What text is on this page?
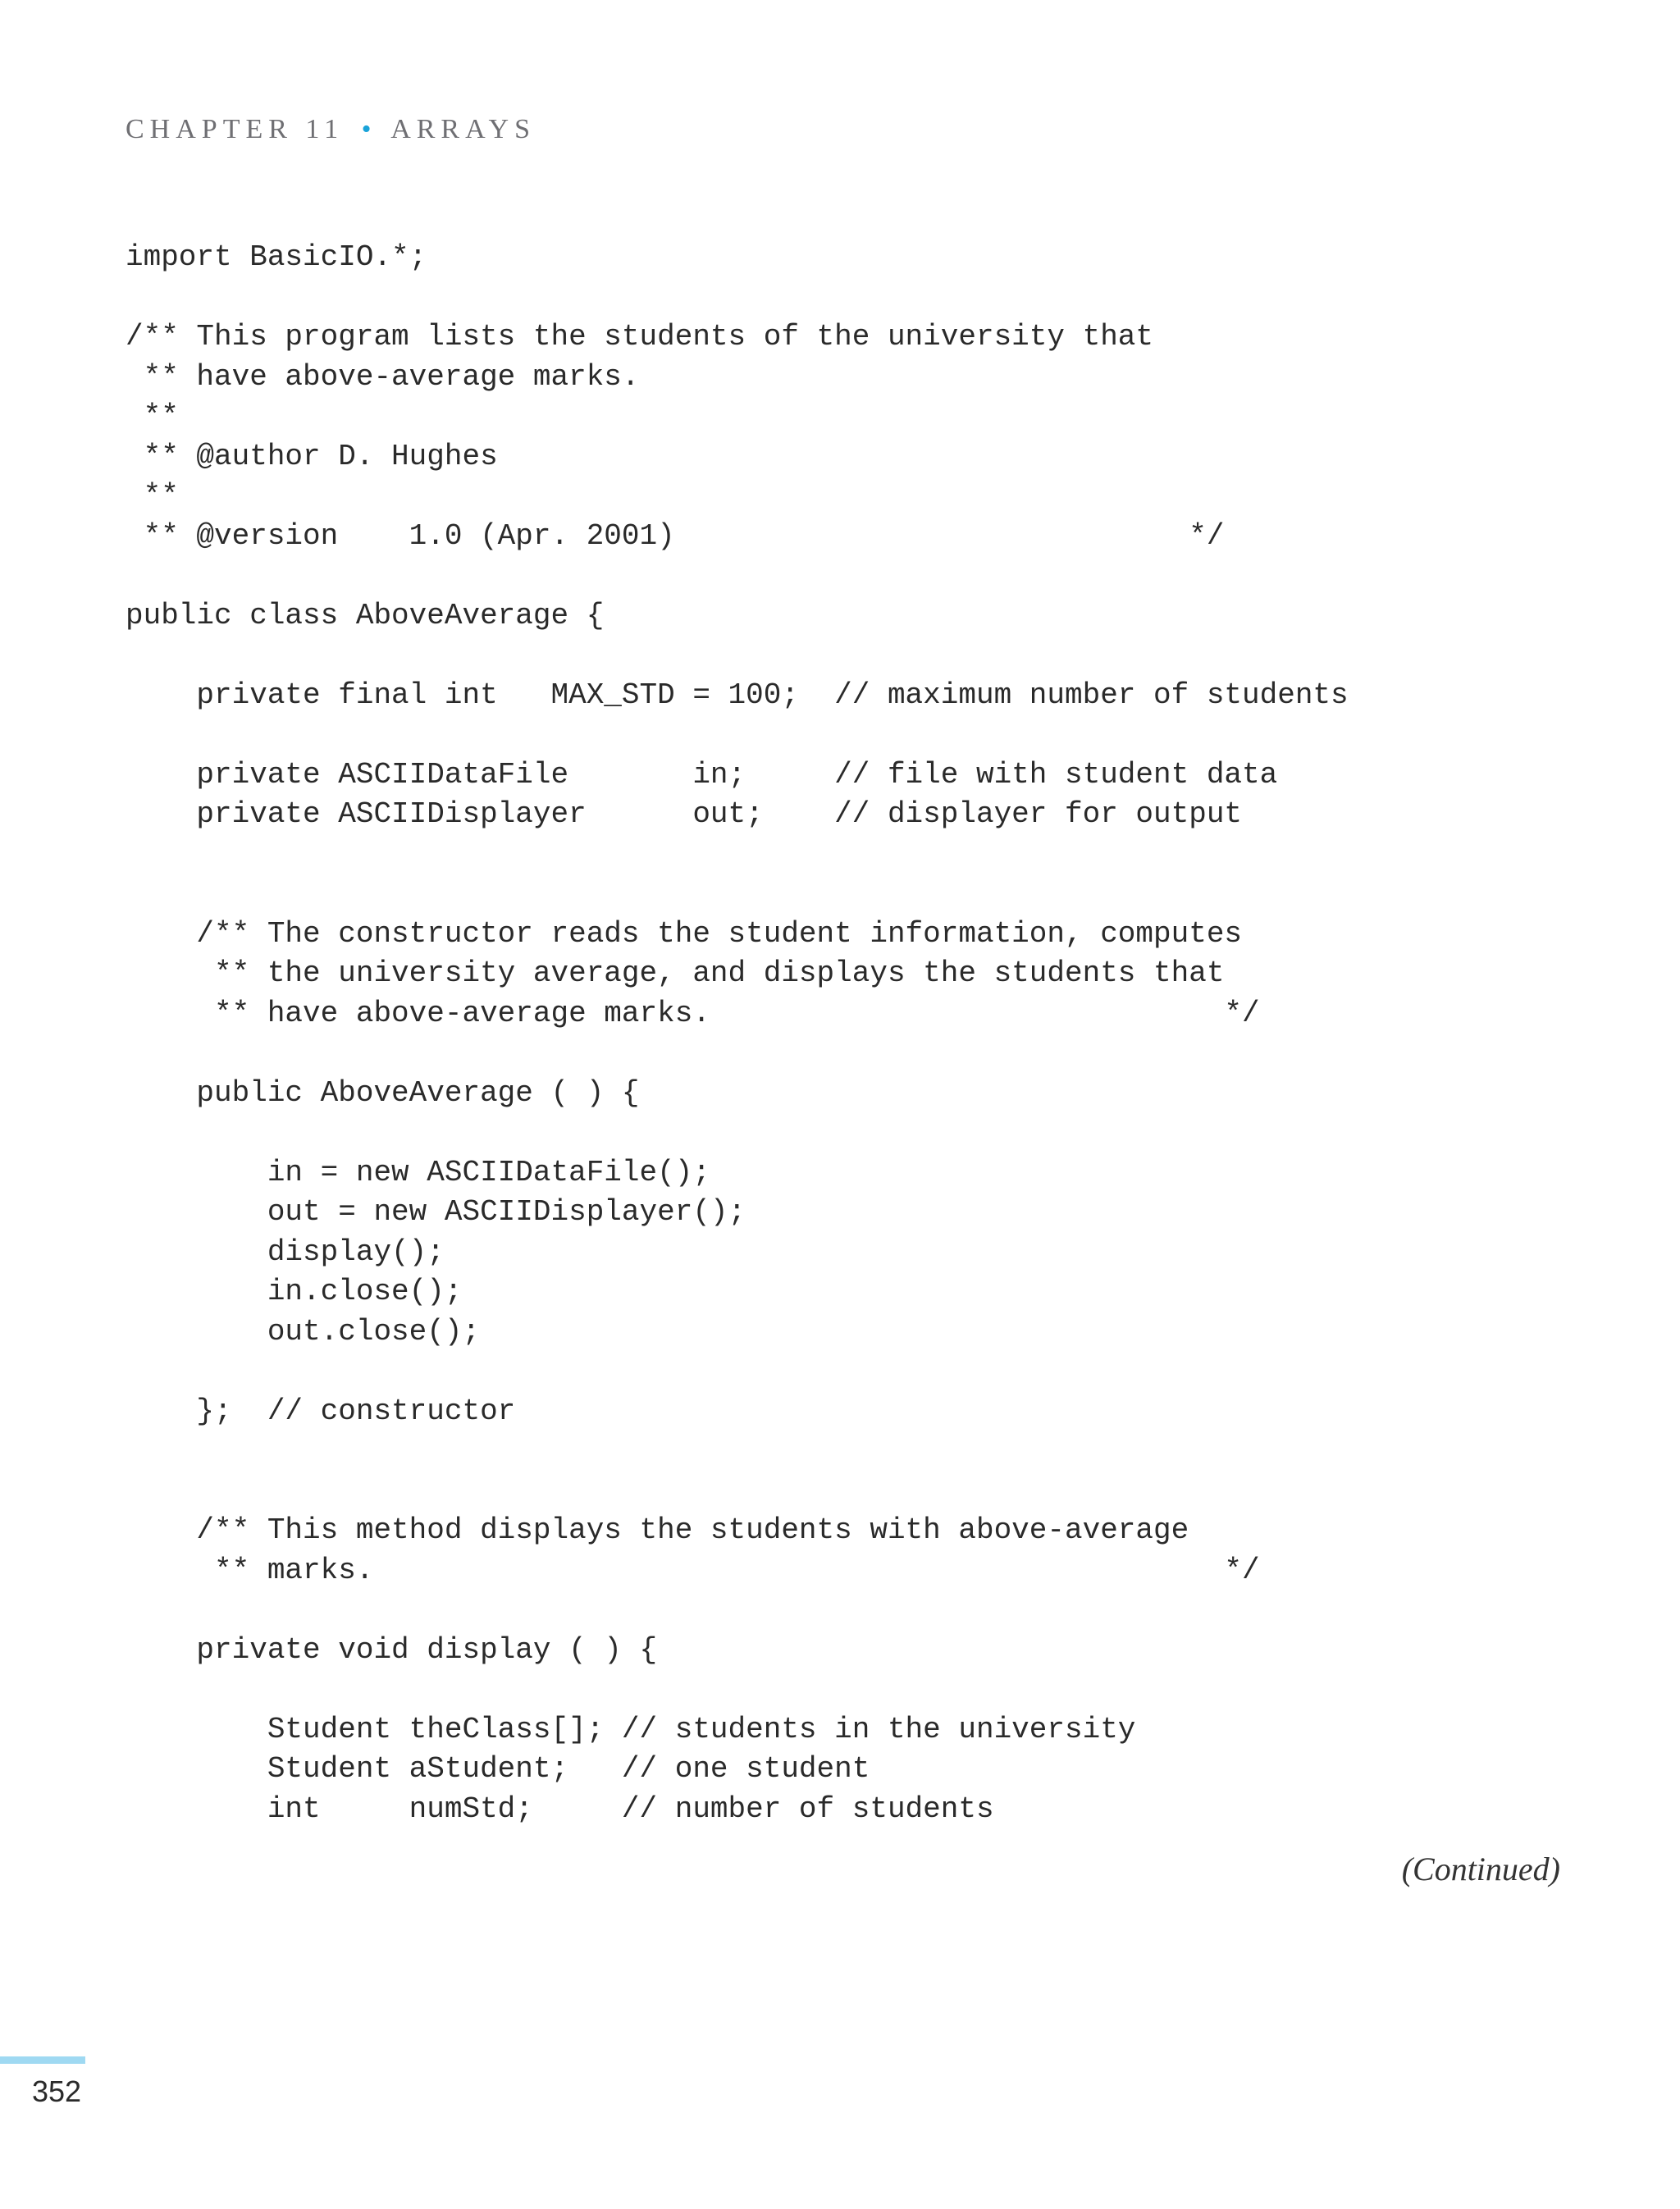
CHAPTER 11 • ARRAYS
import BasicIO.*;
/** This program lists the students of the university that
** have above-average marks.
**
** @author D. Hughes
**
** @version    1.0 (Apr. 2001)                             */
public class AboveAverage {
private final int   MAX_STD = 100;  // maximum number of students
private ASCIIDataFile       in;     // file with student data
private ASCIIDisplayer      out;    // displayer for output
/** The constructor reads the student information, computes
** the university average, and displays the students that
** have above-average marks.                             */
public AboveAverage ( ) {
in = new ASCIIDataFile();
out = new ASCIIDisplayer();
display();
in.close();
out.close();
};  // constructor
/** This method displays the students with above-average
** marks.                                                */
private void display ( ) {
Student theClass[]; // students in the university
Student aStudent;   // one student
int     numStd;     // number of students
(Continued)
352
